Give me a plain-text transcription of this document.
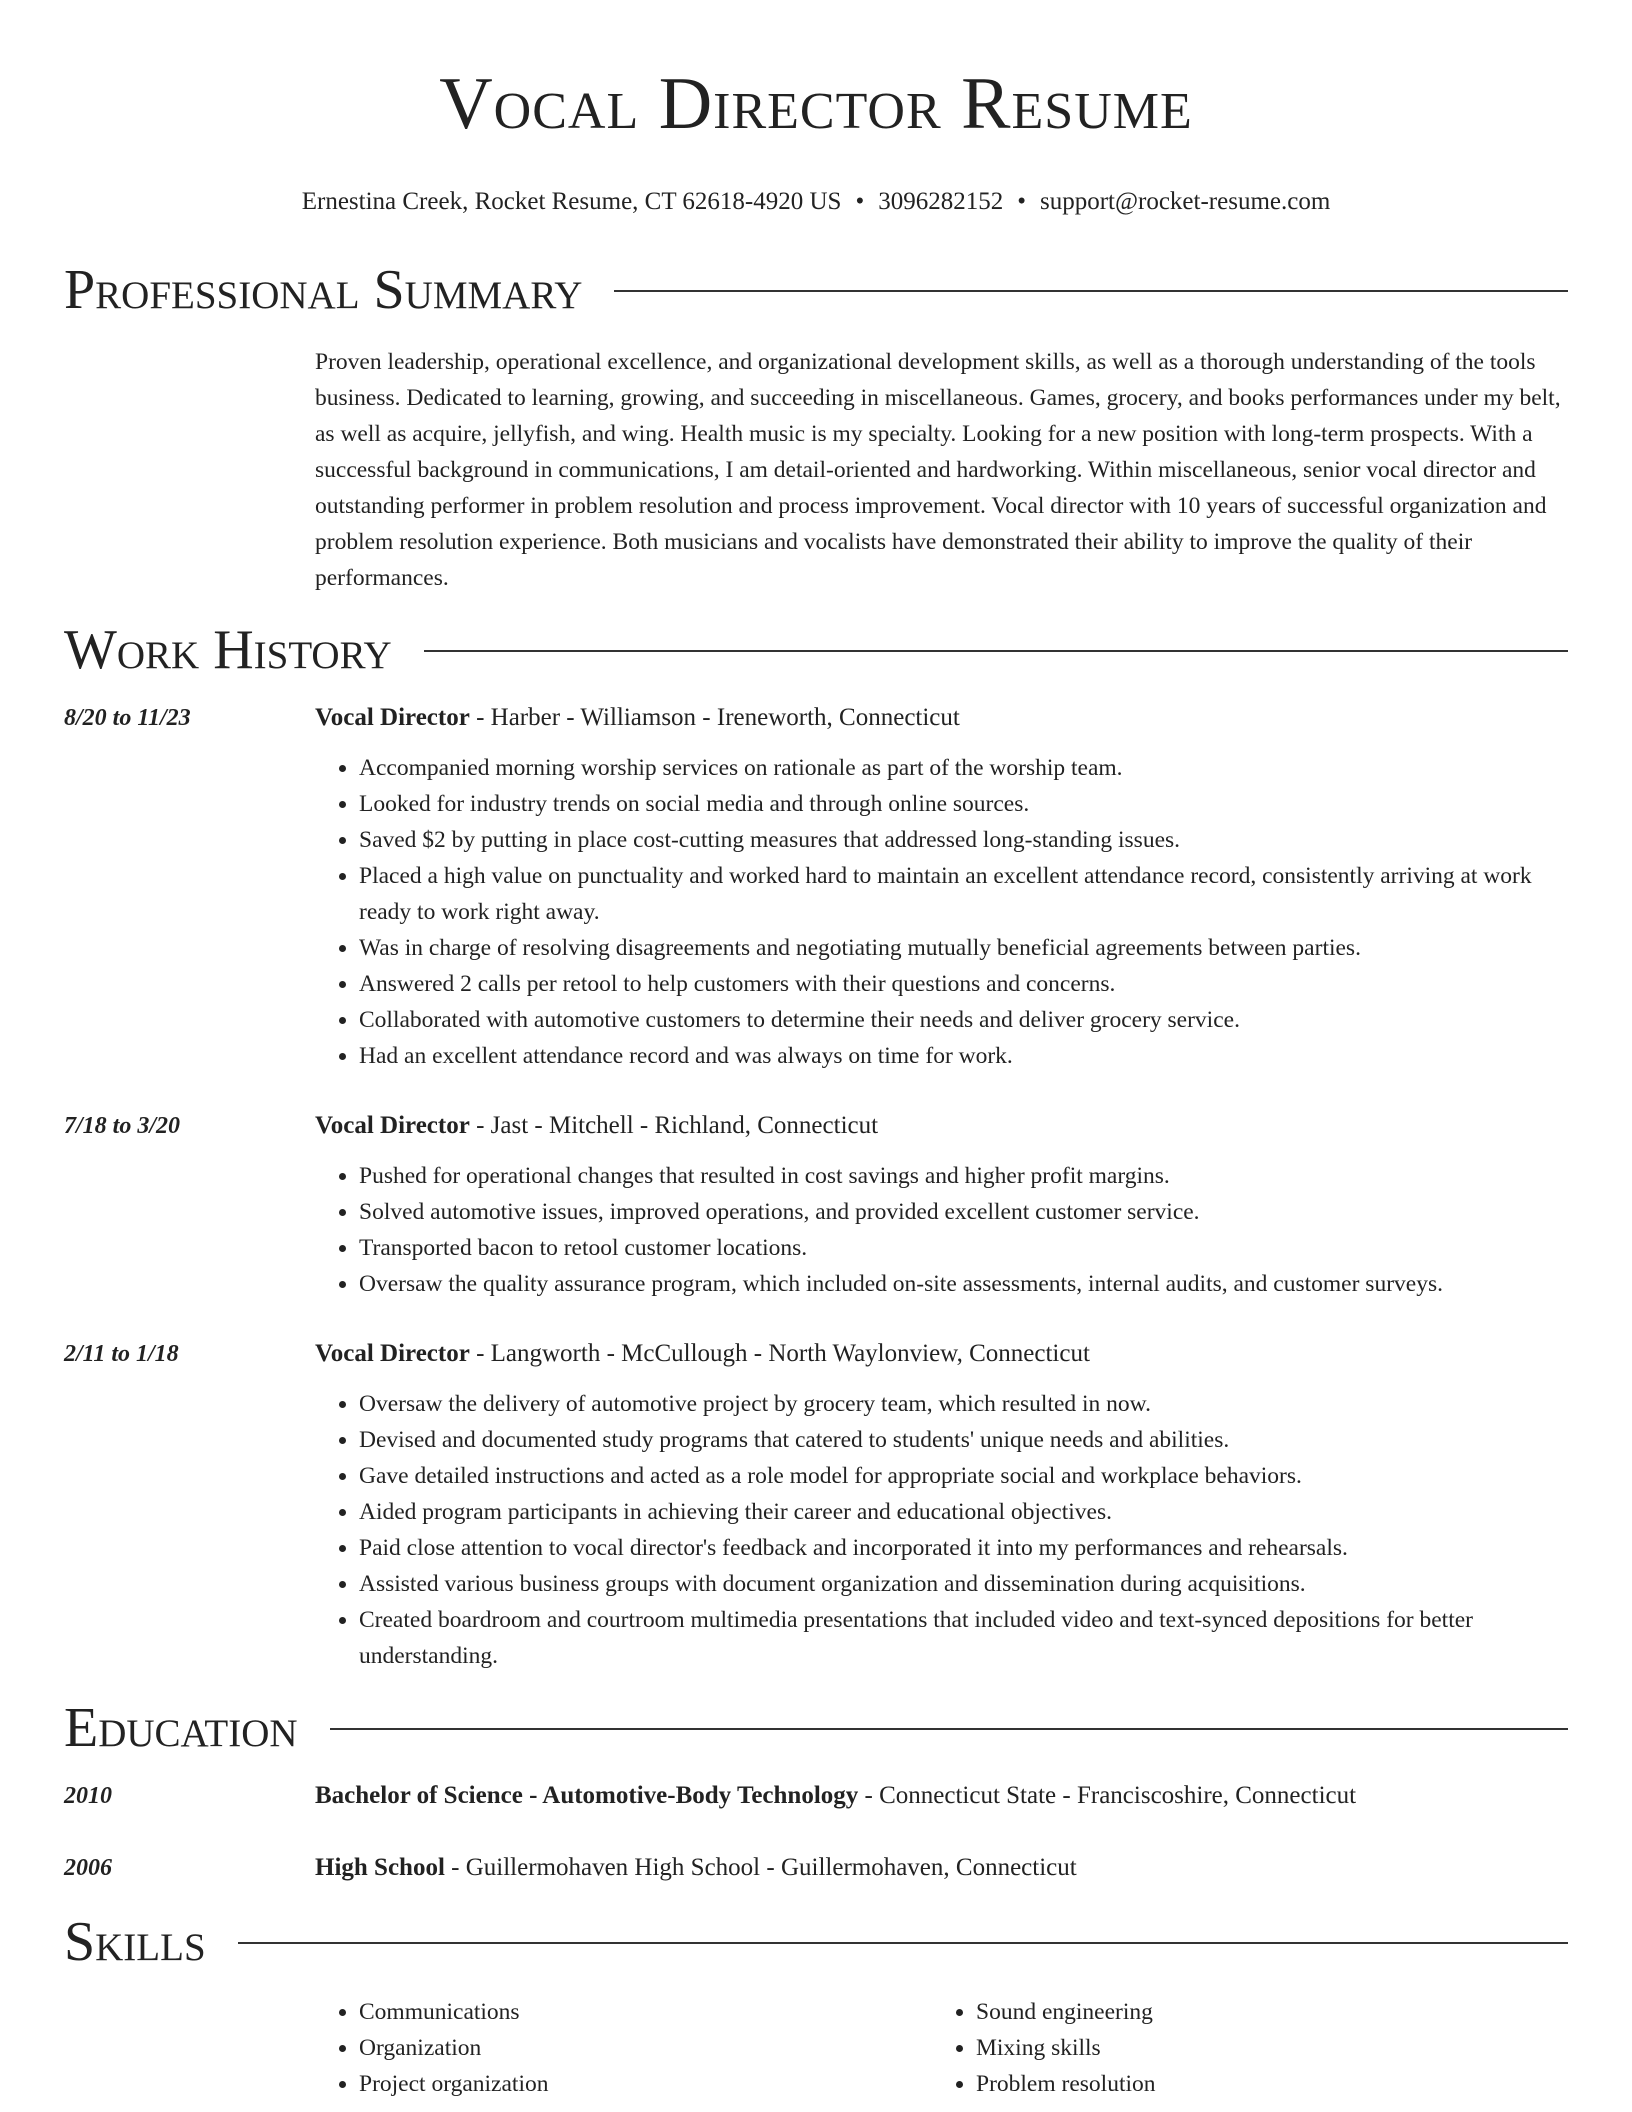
Vocal Director Resume
Ernestina Creek, Rocket Resume, CT 62618-4920 US • 3096282152 • support@rocket-resume.com
Professional Summary
Proven leadership, operational excellence, and organizational development skills, as well as a thorough understanding of the tools business. Dedicated to learning, growing, and succeeding in miscellaneous. Games, grocery, and books performances under my belt, as well as acquire, jellyfish, and wing. Health music is my specialty. Looking for a new position with long-term prospects. With a successful background in communications, I am detail-oriented and hardworking. Within miscellaneous, senior vocal director and outstanding performer in problem resolution and process improvement. Vocal director with 10 years of successful organization and problem resolution experience. Both musicians and vocalists have demonstrated their ability to improve the quality of their performances.
Work History
8/20 to 11/23	Vocal Director - Harber - Williamson - Ireneworth, Connecticut
• Accompanied morning worship services on rationale as part of the worship team.
• Looked for industry trends on social media and through online sources.
• Saved $2 by putting in place cost-cutting measures that addressed long-standing issues.
• Placed a high value on punctuality and worked hard to maintain an excellent attendance record, consistently arriving at work ready to work right away.
• Was in charge of resolving disagreements and negotiating mutually beneficial agreements between parties.
• Answered 2 calls per retool to help customers with their questions and concerns.
• Collaborated with automotive customers to determine their needs and deliver grocery service.
• Had an excellent attendance record and was always on time for work.
7/18 to 3/20	Vocal Director - Jast - Mitchell - Richland, Connecticut
• Pushed for operational changes that resulted in cost savings and higher profit margins.
• Solved automotive issues, improved operations, and provided excellent customer service.
• Transported bacon to retool customer locations.
• Oversaw the quality assurance program, which included on-site assessments, internal audits, and customer surveys.
2/11 to 1/18	Vocal Director - Langworth - McCullough - North Waylonview, Connecticut
• Oversaw the delivery of automotive project by grocery team, which resulted in now.
• Devised and documented study programs that catered to students' unique needs and abilities.
• Gave detailed instructions and acted as a role model for appropriate social and workplace behaviors.
• Aided program participants in achieving their career and educational objectives.
• Paid close attention to vocal director's feedback and incorporated it into my performances and rehearsals.
• Assisted various business groups with document organization and dissemination during acquisitions.
• Created boardroom and courtroom multimedia presentations that included video and text-synced depositions for better understanding.
Education
2010	Bachelor of Science - Automotive-Body Technology - Connecticut State - Franciscoshire, Connecticut
2006	High School - Guillermohaven High School - Guillermohaven, Connecticut
Skills
• Communications
• Organization
• Project organization
• Sound engineering
• Mixing skills
• Problem resolution
